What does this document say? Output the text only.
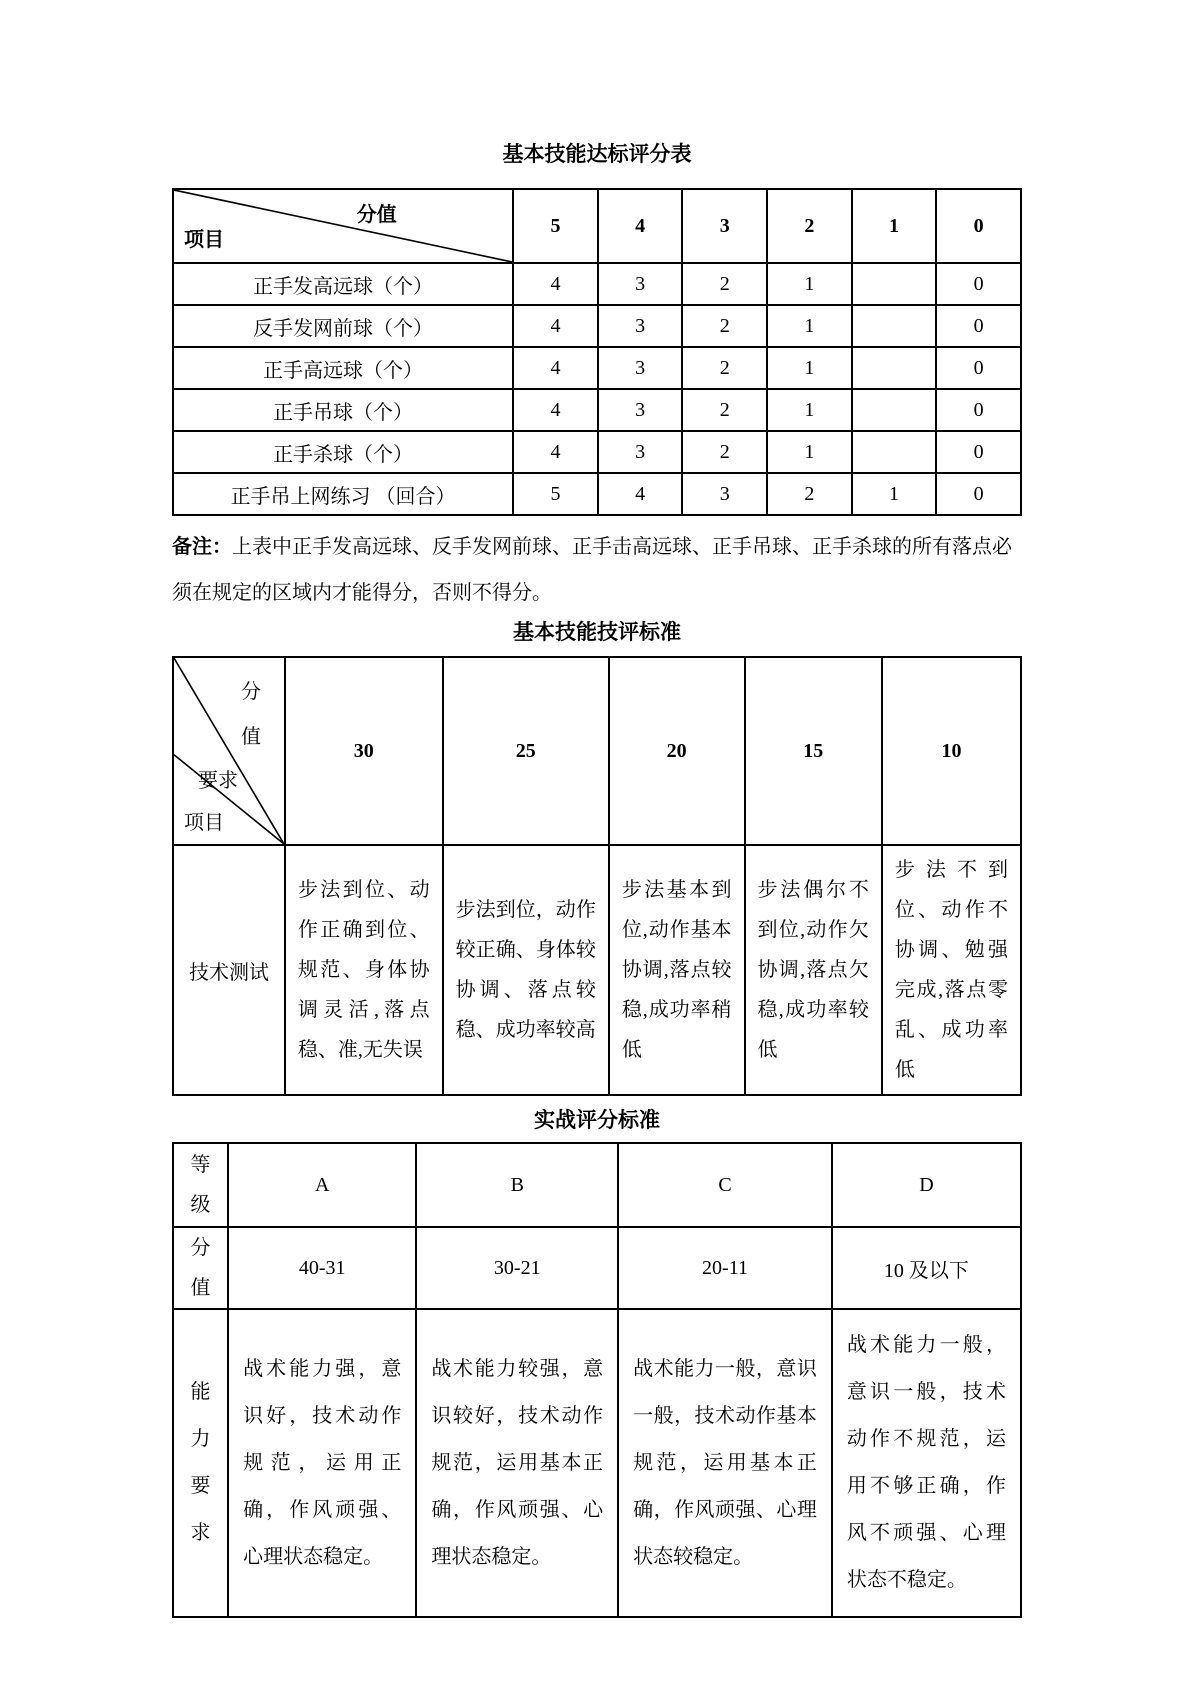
基本技能达标评分表
分值
项目	5	4	3	2	1	0
正手发高远球（个）	4	3	2	1		0
反手发网前球（个）	4	3	2	1		0
正手高远球（个）	4	3	2	1		0
正手吊球（个）	4	3	2	1		0
正手杀球（个）	4	3	2	1		0
正手吊上网练习 （回合）	5	4	3	2	1	0

备注：上表中正手发高远球、反手发网前球、正手击高远球、正手吊球、正手杀球的所有落点必须在规定的区域内才能得分，否则不得分。

基本技能技评标准
分值
要求
项目	30	25	20	15	10
技术测试	步法到位、动作正确到位、规范、身体协调灵活,落点稳、准,无失误	步法到位，动作较正确、身体较协调、落点较稳、成功率较高	步法基本到位,动作基本协调,落点较稳,成功率稍低	步法偶尔不到位,动作欠协调,落点欠稳,成功率较低	步法不到位、动作不协调、勉强完成,落点零乱、成功率低
实战评分标准
等级	A	B	C	D

分值	40-31	30-21	20-11	10 及以下

能力要求	战术能力强，意识好，技术动作规范，运用正确，作风顽强、心理状态稳定。	战术能力较强，意识较好，技术动作规范，运用基本正确，作风顽强、心理状态稳定。	战术能力一般，意识一般，技术动作基本规范，运用基本正确，作风顽强、心理状态较稳定。	战术能力一般，意识一般，技术动作不规范，运用不够正确，作风不顽强、心理状态不稳定。
